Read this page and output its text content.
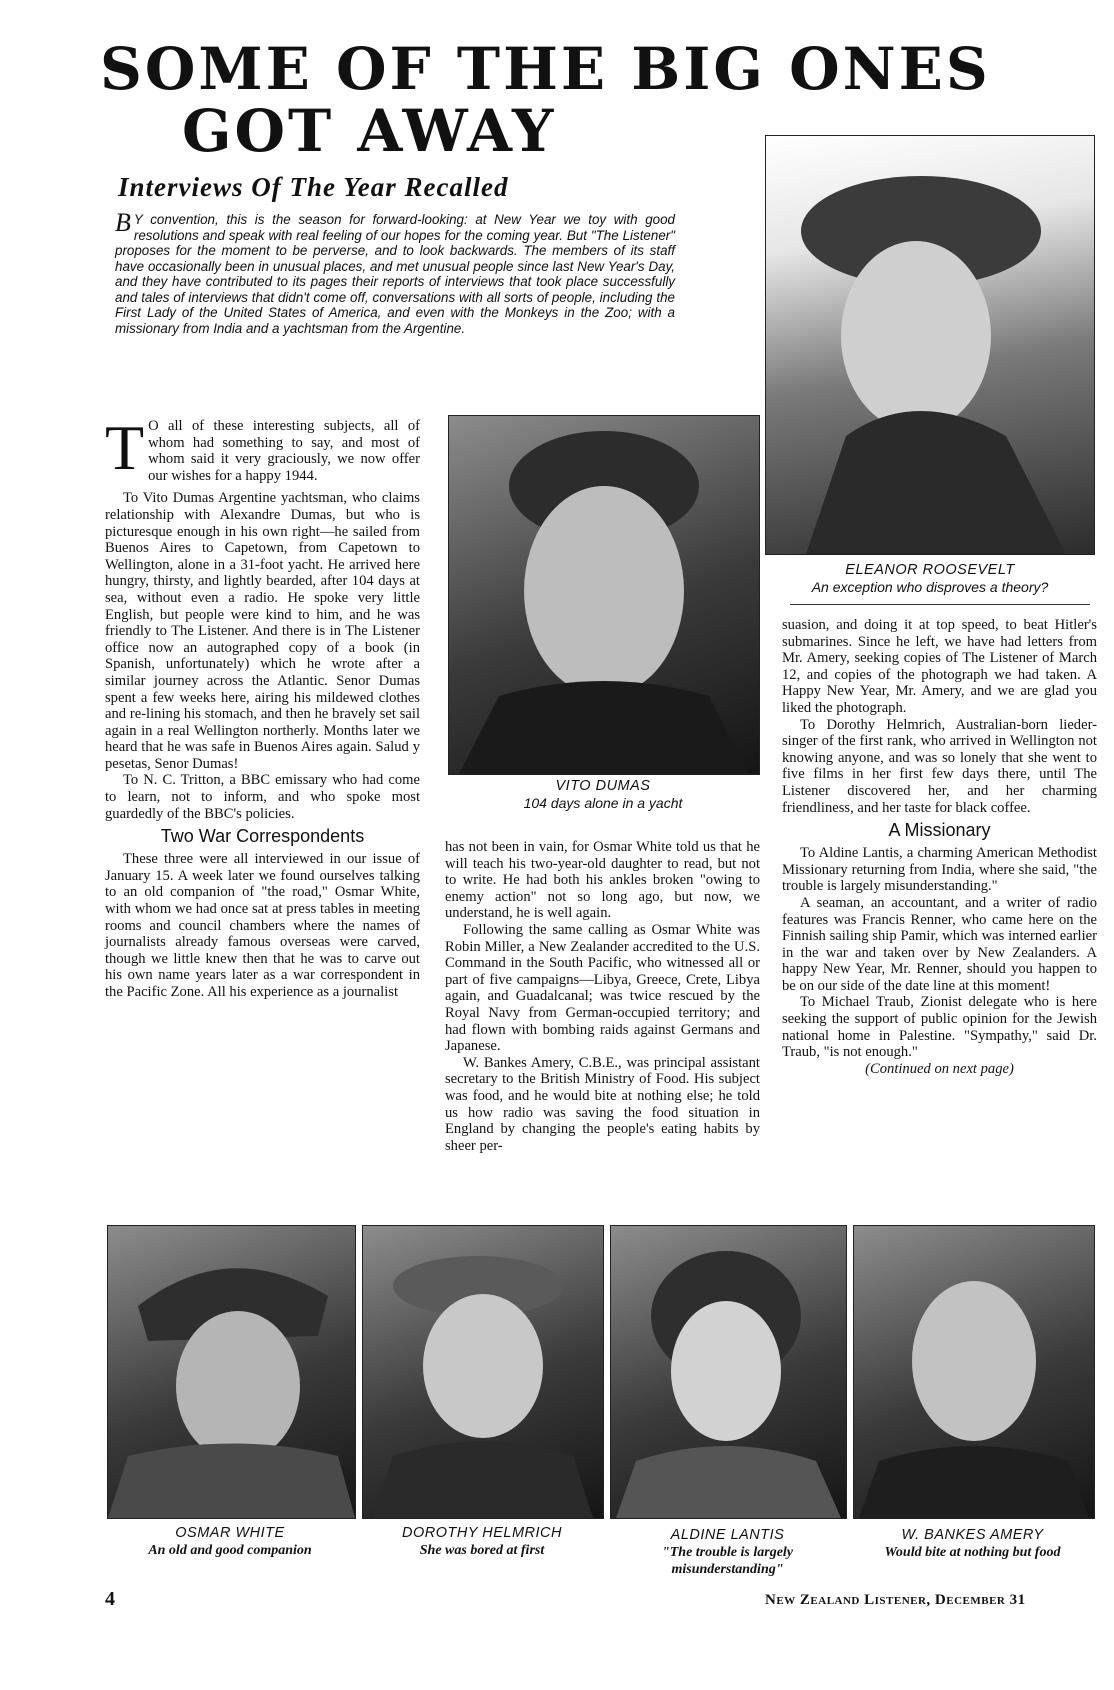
SOME OF THE BIG ONES
GOT AWAY

Interviews Of The Year Recalled

B Y convention, this is the season for forward-looking: at New Year we toy with good resolutions and speak with real feeling of our hopes for the coming year. But "The Listener" proposes for the moment to be perverse, and to look backwards. The members of its staff have occasionally been in unusual places, and met unusual people since last New Year's Day, and they have contributed to its pages their reports of interviews that took place successfully and tales of interviews that didn't come off, conversations with all sorts of people, including the First Lady of the United States of America, and even with the Monkeys in the Zoo; with a missionary from India and a yachtsman from the Argentine.

ELEANOR ROOSEVELT
An exception who disproves a theory?

VITO DUMAS
104 days alone in a yacht

T O all of these interesting subjects, all of whom had something to say, and most of whom said it very graciously, we now offer our wishes for a happy 1944.

To Vito Dumas Argentine yachtsman, who claims relationship with Alexandre Dumas, but who is picturesque enough in his own right—he sailed from Buenos Aires to Capetown, from Capetown to Wellington, alone in a 31-foot yacht. He arrived here hungry, thirsty, and lightly bearded, after 104 days at sea, without even a radio. He spoke very little English, but people were kind to him, and he was friendly to The Listener. And there is in The Listener office now an autographed copy of a book (in Spanish, unfortunately) which he wrote after a similar journey across the Atlantic. Senor Dumas spent a few weeks here, airing his mildewed clothes and re-lining his stomach, and then he bravely set sail again in a real Wellington northerly. Months later we heard that he was safe in Buenos Aires again. Salud y pesetas, Senor Dumas!

To N. C. Tritton, a BBC emissary who had come to learn, not to inform, and who spoke most guardedly of the BBC's policies.

Two War Correspondents

These three were all interviewed in our issue of January 15. A week later we found ourselves talking to an old companion of "the road," Osmar White, with whom we had once sat at press tables in meeting rooms and council chambers where the names of journalists already famous overseas were carved, though we little knew then that he was to carve out his own name years later as a war correspondent in the Pacific Zone. All his experience as a journalist

has not been in vain, for Osmar White told us that he will teach his two-year-old daughter to read, but not to write. He had both his ankles broken "owing to enemy action" not so long ago, but now, we understand, he is well again.

Following the same calling as Osmar White was Robin Miller, a New Zealander accredited to the U.S. Command in the South Pacific, who witnessed all or part of five campaigns—Libya, Greece, Crete, Libya again, and Guadalcanal; was twice rescued by the Royal Navy from German-occupied territory; and had flown with bombing raids against Germans and Japanese.

W. Bankes Amery, C.B.E., was principal assistant secretary to the British Ministry of Food. His subject was food, and he would bite at nothing else; he told us how radio was saving the food situation in England by changing the people's eating habits by sheer per-

suasion, and doing it at top speed, to beat Hitler's submarines. Since he left, we have had letters from Mr. Amery, seeking copies of The Listener of March 12, and copies of the photograph we had taken. A Happy New Year, Mr. Amery, and we are glad you liked the photograph.

To Dorothy Helmrich, Australian-born lieder-singer of the first rank, who arrived in Wellington not knowing anyone, and was so lonely that she went to five films in her first few days there, until The Listener discovered her, and her charming friendliness, and her taste for black coffee.

A Missionary

To Aldine Lantis, a charming American Methodist Missionary returning from India, where she said, "the trouble is largely misunderstanding."

A seaman, an accountant, and a writer of radio features was Francis Renner, who came here on the Finnish sailing ship Pamir, which was interned earlier in the war and taken over by New Zealanders. A happy New Year, Mr. Renner, should you happen to be on our side of the date line at this moment!

To Michael Traub, Zionist delegate who is here seeking the support of public opinion for the Jewish national home in Palestine. "Sympathy," said Dr. Traub, "is not enough."

(Continued on next page)

OSMAR WHITE
An old and good companion

DOROTHY HELMRICH
She was bored at first

ALDINE LANTIS
"The trouble is largely misunderstanding"

W. BANKES AMERY
Would bite at nothing but food

4	New Zealand Listener, December 31
